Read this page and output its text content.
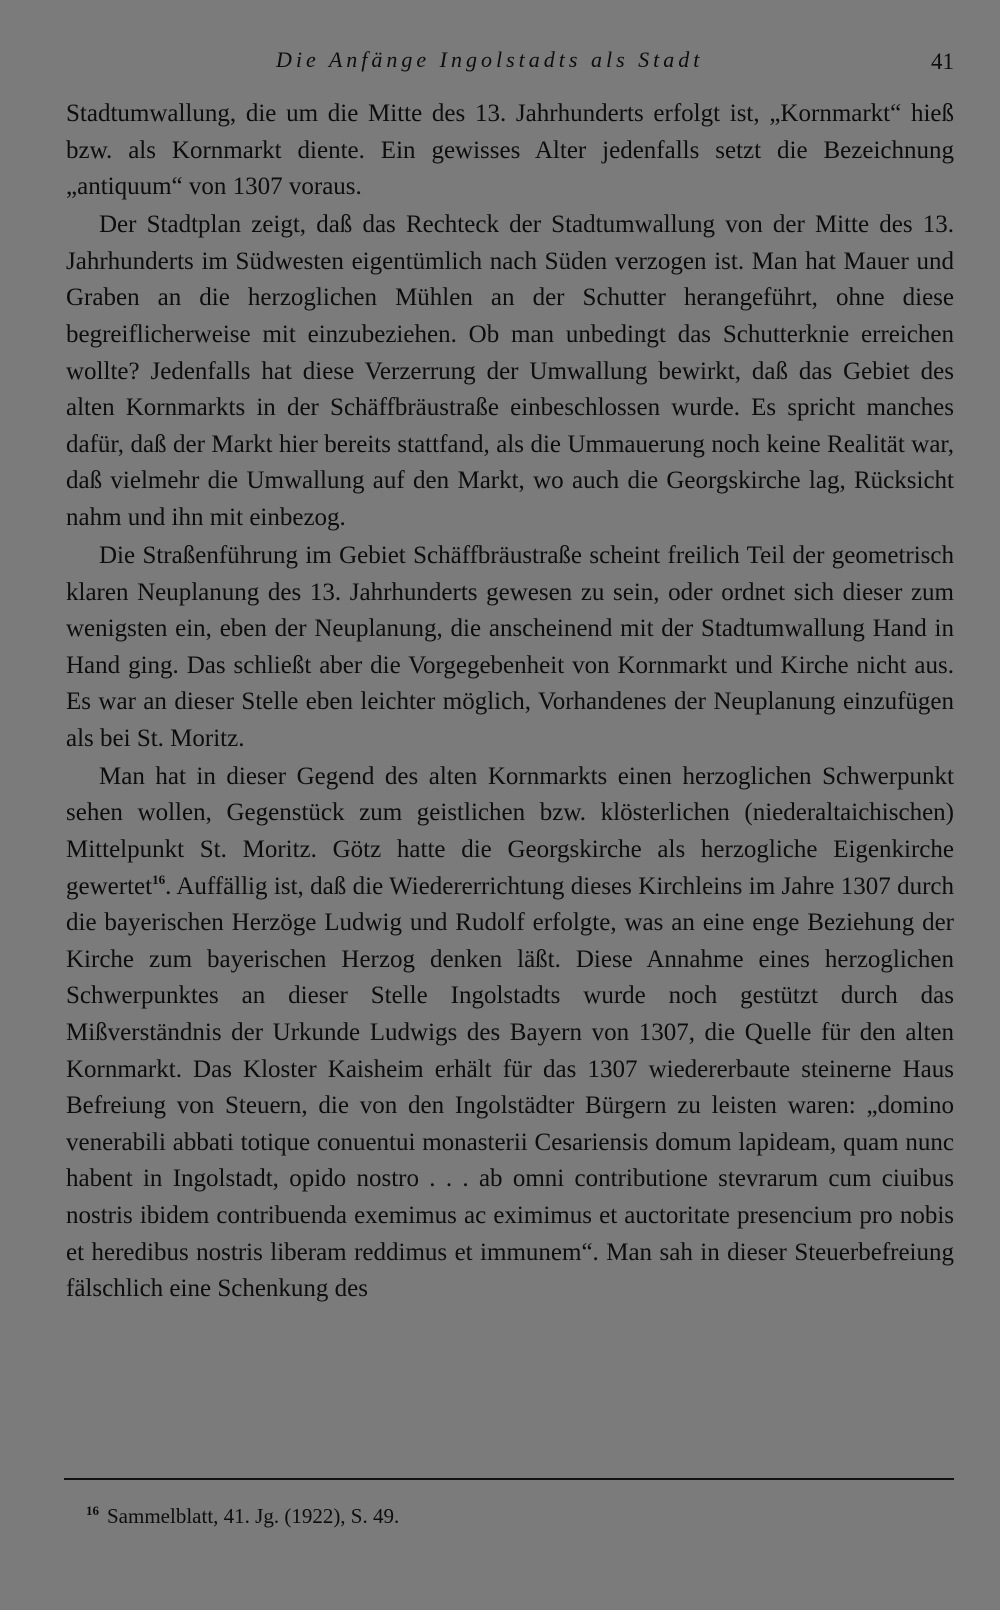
Die Anfänge Ingolstadts als Stadt	41

Stadtumwallung, die um die Mitte des 13. Jahrhunderts erfolgt ist, „Kornmarkt“ hieß bzw. als Kornmarkt diente. Ein gewisses Alter jedenfalls setzt die Bezeichnung „antiquum“ von 1307 voraus.

Der Stadtplan zeigt, daß das Rechteck der Stadtumwallung von der Mitte des 13. Jahrhunderts im Südwesten eigentümlich nach Süden verzogen ist. Man hat Mauer und Graben an die herzoglichen Mühlen an der Schutter herangeführt, ohne diese begreiflicherweise mit einzubeziehen. Ob man unbedingt das Schutterknie erreichen wollte? Jedenfalls hat diese Verzerrung der Umwallung bewirkt, daß das Gebiet des alten Kornmarkts in der Schäffbräustraße einbeschlossen wurde. Es spricht manches dafür, daß der Markt hier bereits stattfand, als die Ummauerung noch keine Realität war, daß vielmehr die Umwallung auf den Markt, wo auch die Georgskirche lag, Rücksicht nahm und ihn mit einbezog.

Die Straßenführung im Gebiet Schäffbräustraße scheint freilich Teil der geometrisch klaren Neuplanung des 13. Jahrhunderts gewesen zu sein, oder ordnet sich dieser zum wenigsten ein, eben der Neuplanung, die anscheinend mit der Stadtumwallung Hand in Hand ging. Das schließt aber die Vorgegebenheit von Kornmarkt und Kirche nicht aus. Es war an dieser Stelle eben leichter möglich, Vorhandenes der Neuplanung einzufügen als bei St. Moritz.

Man hat in dieser Gegend des alten Kornmarkts einen herzoglichen Schwerpunkt sehen wollen, Gegenstück zum geistlichen bzw. klösterlichen (niederaltaichischen) Mittelpunkt St. Moritz. Götz hatte die Georgskirche als herzogliche Eigenkirche gewertet$^{16}$. Auffällig ist, daß die Wiedererrichtung dieses Kirchleins im Jahre 1307 durch die bayerischen Herzöge Ludwig und Rudolf erfolgte, was an eine enge Beziehung der Kirche zum bayerischen Herzog denken läßt. Diese Annahme eines herzoglichen Schwerpunktes an dieser Stelle Ingolstadts wurde noch gestützt durch das Mißverständnis der Urkunde Ludwigs des Bayern von 1307, die Quelle für den alten Kornmarkt. Das Kloster Kaisheim erhält für das 1307 wiedererbaute steinerne Haus Befreiung von Steuern, die von den Ingolstädter Bürgern zu leisten waren: „domino venerabili abbati totique conuentui monasterii Cesariensis domum lapideam, quam nunc habent in Ingolstadt, opido nostro . . . ab omni contributione stevrarum cum ciuibus nostris ibidem contribuenda exemimus ac eximimus et auctoritate presencium pro nobis et heredibus nostris liberam reddimus et immunem“. Man sah in dieser Steuerbefreiung fälschlich eine Schenkung des

$^{16}$ Sammelblatt, 41. Jg. (1922), S. 49.
